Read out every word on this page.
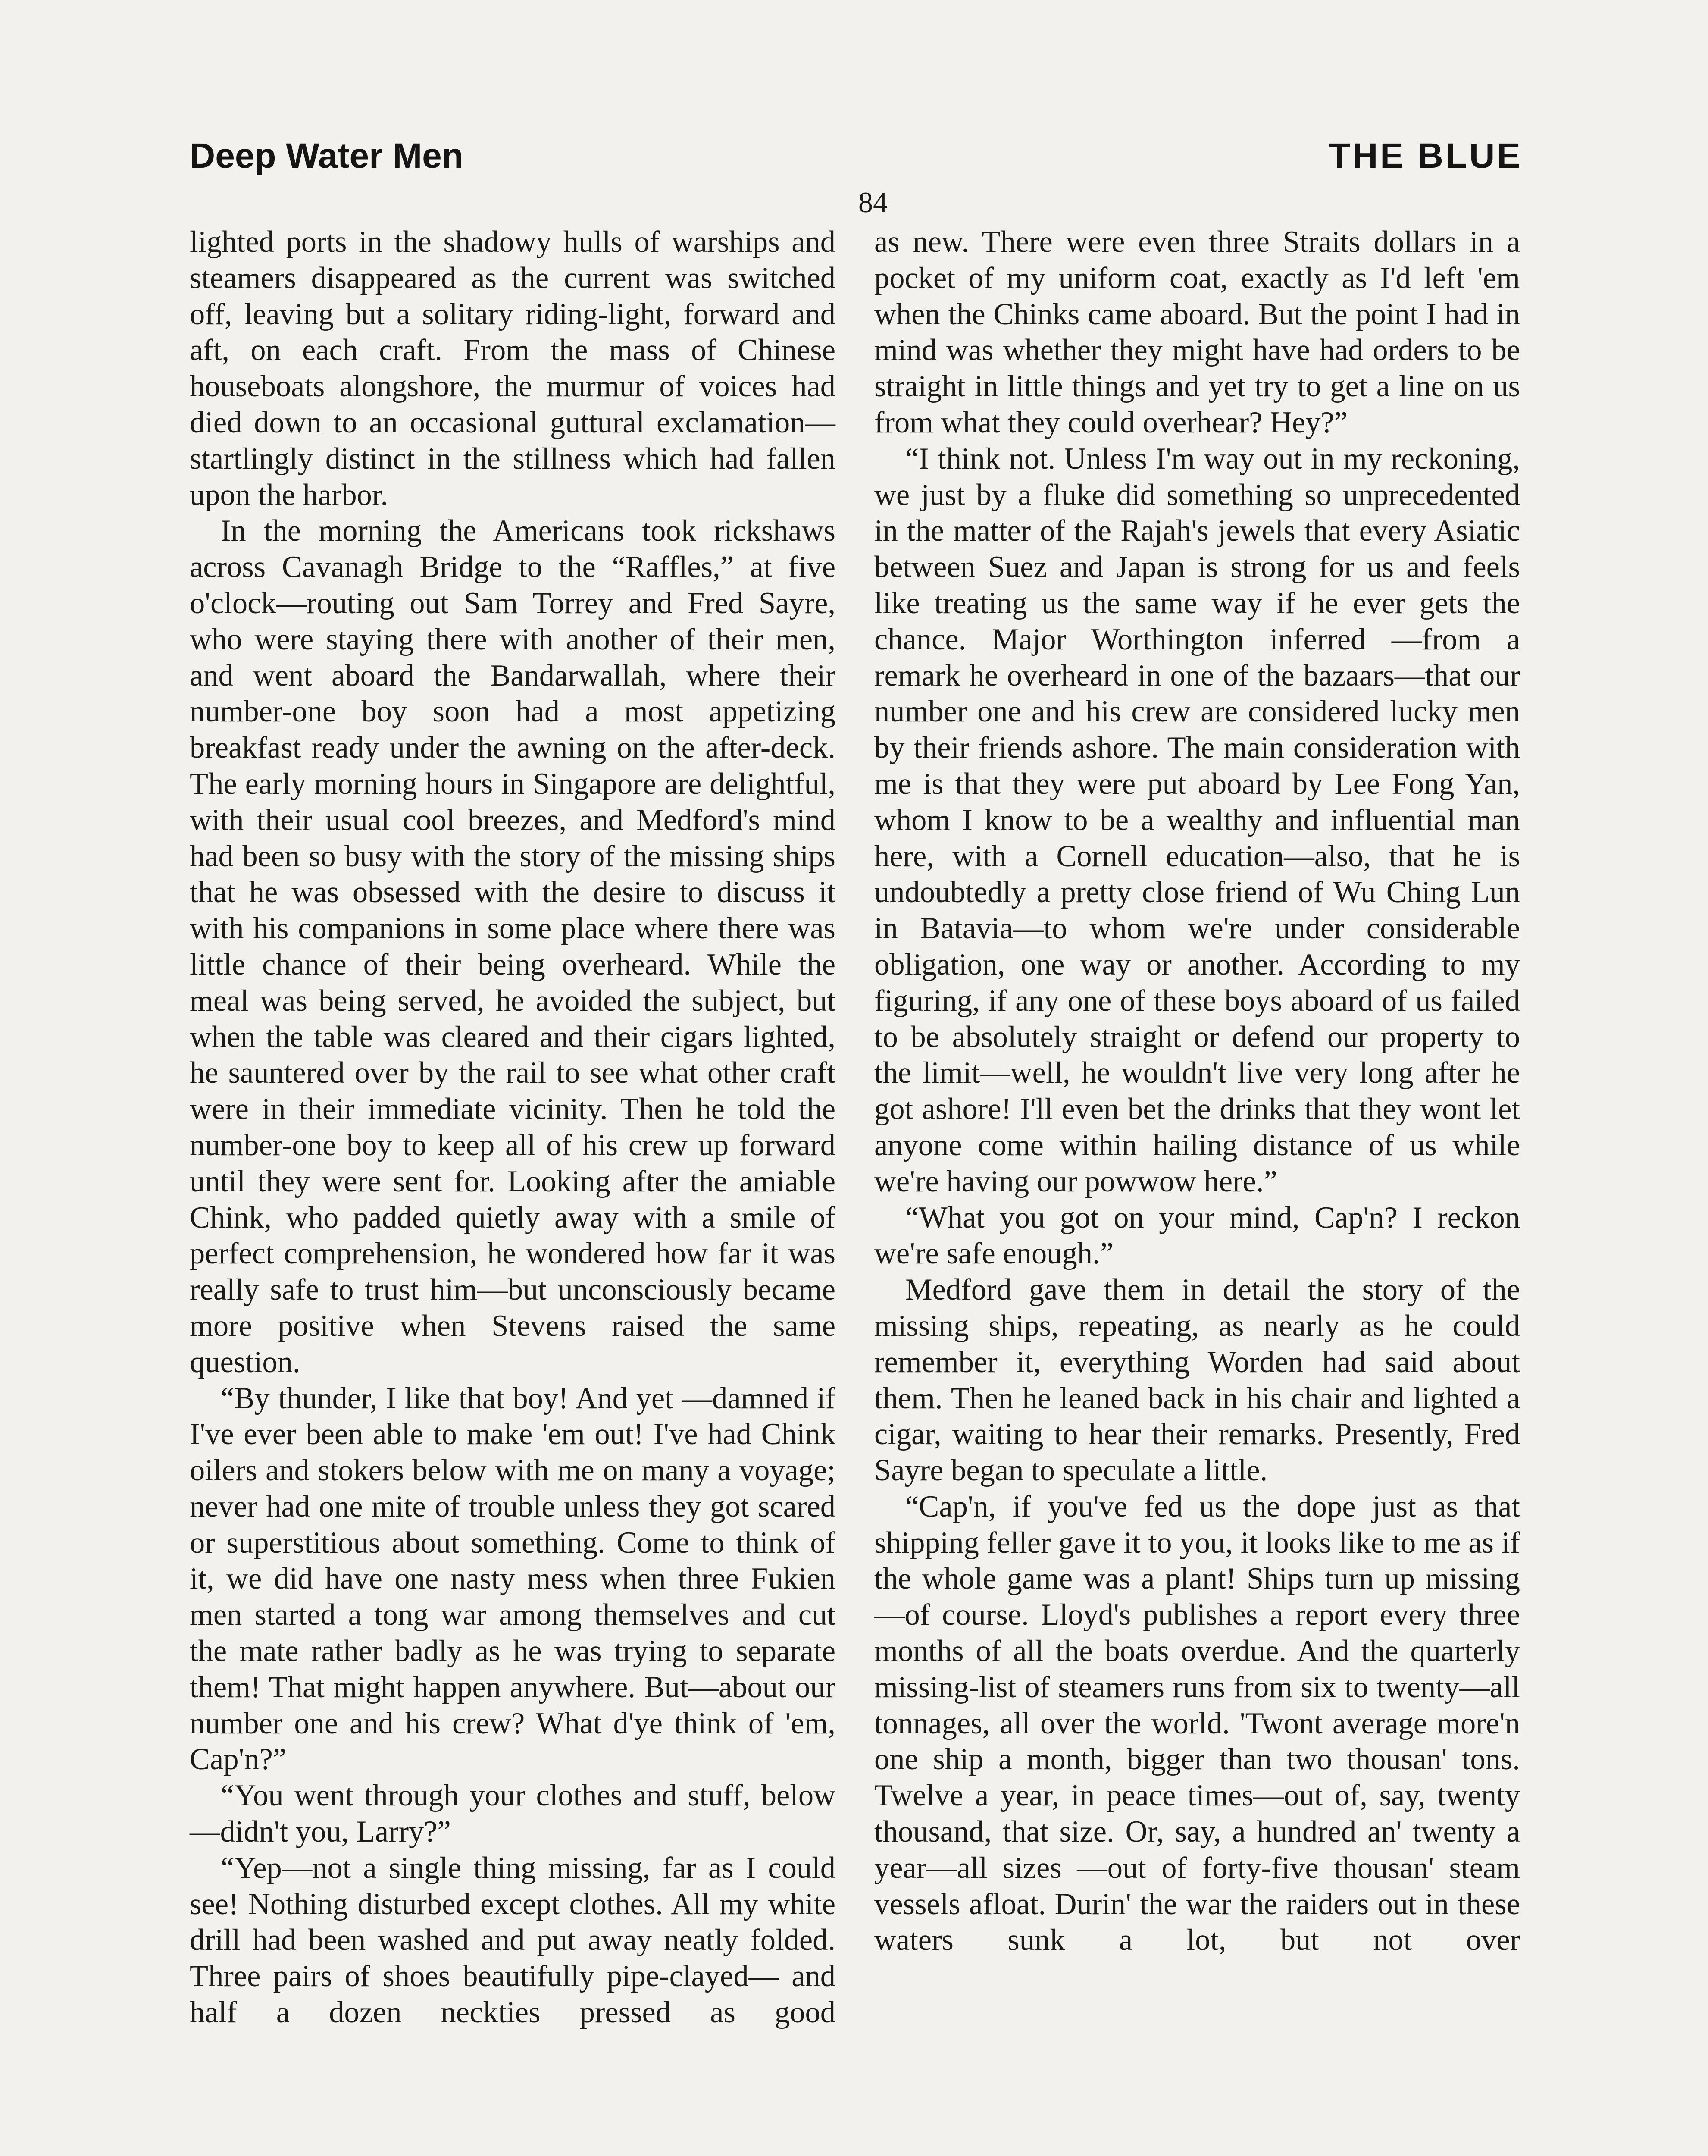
Deep Water Men	THE BLUE
84

lighted ports in the shadowy hulls of warships and steamers disappeared as the current was switched off, leaving but a solitary riding-light, forward and aft, on each craft. From the mass of Chinese houseboats alongshore, the murmur of voices had died down to an occasional guttural exclamation—startlingly distinct in the stillness which had fallen upon the harbor.

In the morning the Americans took rickshaws across Cavanagh Bridge to the “Raffles,” at five o'clock—routing out Sam Torrey and Fred Sayre, who were staying there with another of their men, and went aboard the Bandarwallah, where their number-one boy soon had a most appetizing breakfast ready under the awning on the after-deck. The early morning hours in Singapore are delightful, with their usual cool breezes, and Medford's mind had been so busy with the story of the missing ships that he was obsessed with the desire to discuss it with his companions in some place where there was little chance of their being overheard. While the meal was being served, he avoided the subject, but when the table was cleared and their cigars lighted, he sauntered over by the rail to see what other craft were in their immediate vicinity. Then he told the number-one boy to keep all of his crew up forward until they were sent for. Looking after the amiable Chink, who padded quietly away with a smile of perfect comprehension, he wondered how far it was really safe to trust him—but unconsciously became more positive when Stevens raised the same question.

“By thunder, I like that boy! And yet —damned if I've ever been able to make 'em out! I've had Chink oilers and stokers below with me on many a voyage; never had one mite of trouble unless they got scared or superstitious about something. Come to think of it, we did have one nasty mess when three Fukien men started a tong war among themselves and cut the mate rather badly as he was trying to separate them! That might happen anywhere. But—about our number one and his crew? What d'ye think of 'em, Cap'n?”

“You went through your clothes and stuff, below—didn't you, Larry?”

“Yep—not a single thing missing, far as I could see! Nothing disturbed except clothes. All my white drill had been washed and put away neatly folded. Three pairs of shoes beautifully pipe-clayed— and half a dozen neckties pressed as good

as new. There were even three Straits dollars in a pocket of my uniform coat, exactly as I'd left 'em when the Chinks came aboard. But the point I had in mind was whether they might have had orders to be straight in little things and yet try to get a line on us from what they could overhear? Hey?”

“I think not. Unless I'm way out in my reckoning, we just by a fluke did something so unprecedented in the matter of the Rajah's jewels that every Asiatic between Suez and Japan is strong for us and feels like treating us the same way if he ever gets the chance. Major Worthington inferred —from a remark he overheard in one of the bazaars—that our number one and his crew are considered lucky men by their friends ashore. The main consideration with me is that they were put aboard by Lee Fong Yan, whom I know to be a wealthy and influential man here, with a Cornell education—also, that he is undoubtedly a pretty close friend of Wu Ching Lun in Batavia—to whom we're under considerable obligation, one way or another. According to my figuring, if any one of these boys aboard of us failed to be absolutely straight or defend our property to the limit—well, he wouldn't live very long after he got ashore! I'll even bet the drinks that they wont let anyone come within hailing distance of us while we're having our powwow here.”

“What you got on your mind, Cap'n? I reckon we're safe enough.”

Medford gave them in detail the story of the missing ships, repeating, as nearly as he could remember it, everything Worden had said about them. Then he leaned back in his chair and lighted a cigar, waiting to hear their remarks. Presently, Fred Sayre began to speculate a little.

“Cap'n, if you've fed us the dope just as that shipping feller gave it to you, it looks like to me as if the whole game was a plant! Ships turn up missing—of course. Lloyd's publishes a report every three months of all the boats overdue. And the quarterly missing-list of steamers runs from six to twenty—all tonnages, all over the world. 'Twont average more'n one ship a month, bigger than two thousan' tons. Twelve a year, in peace times—out of, say, twenty thousand, that size. Or, say, a hundred an' twenty a year—all sizes —out of forty-five thousan' steam vessels afloat. Durin' the war the raiders out in these waters sunk a lot, but not over
